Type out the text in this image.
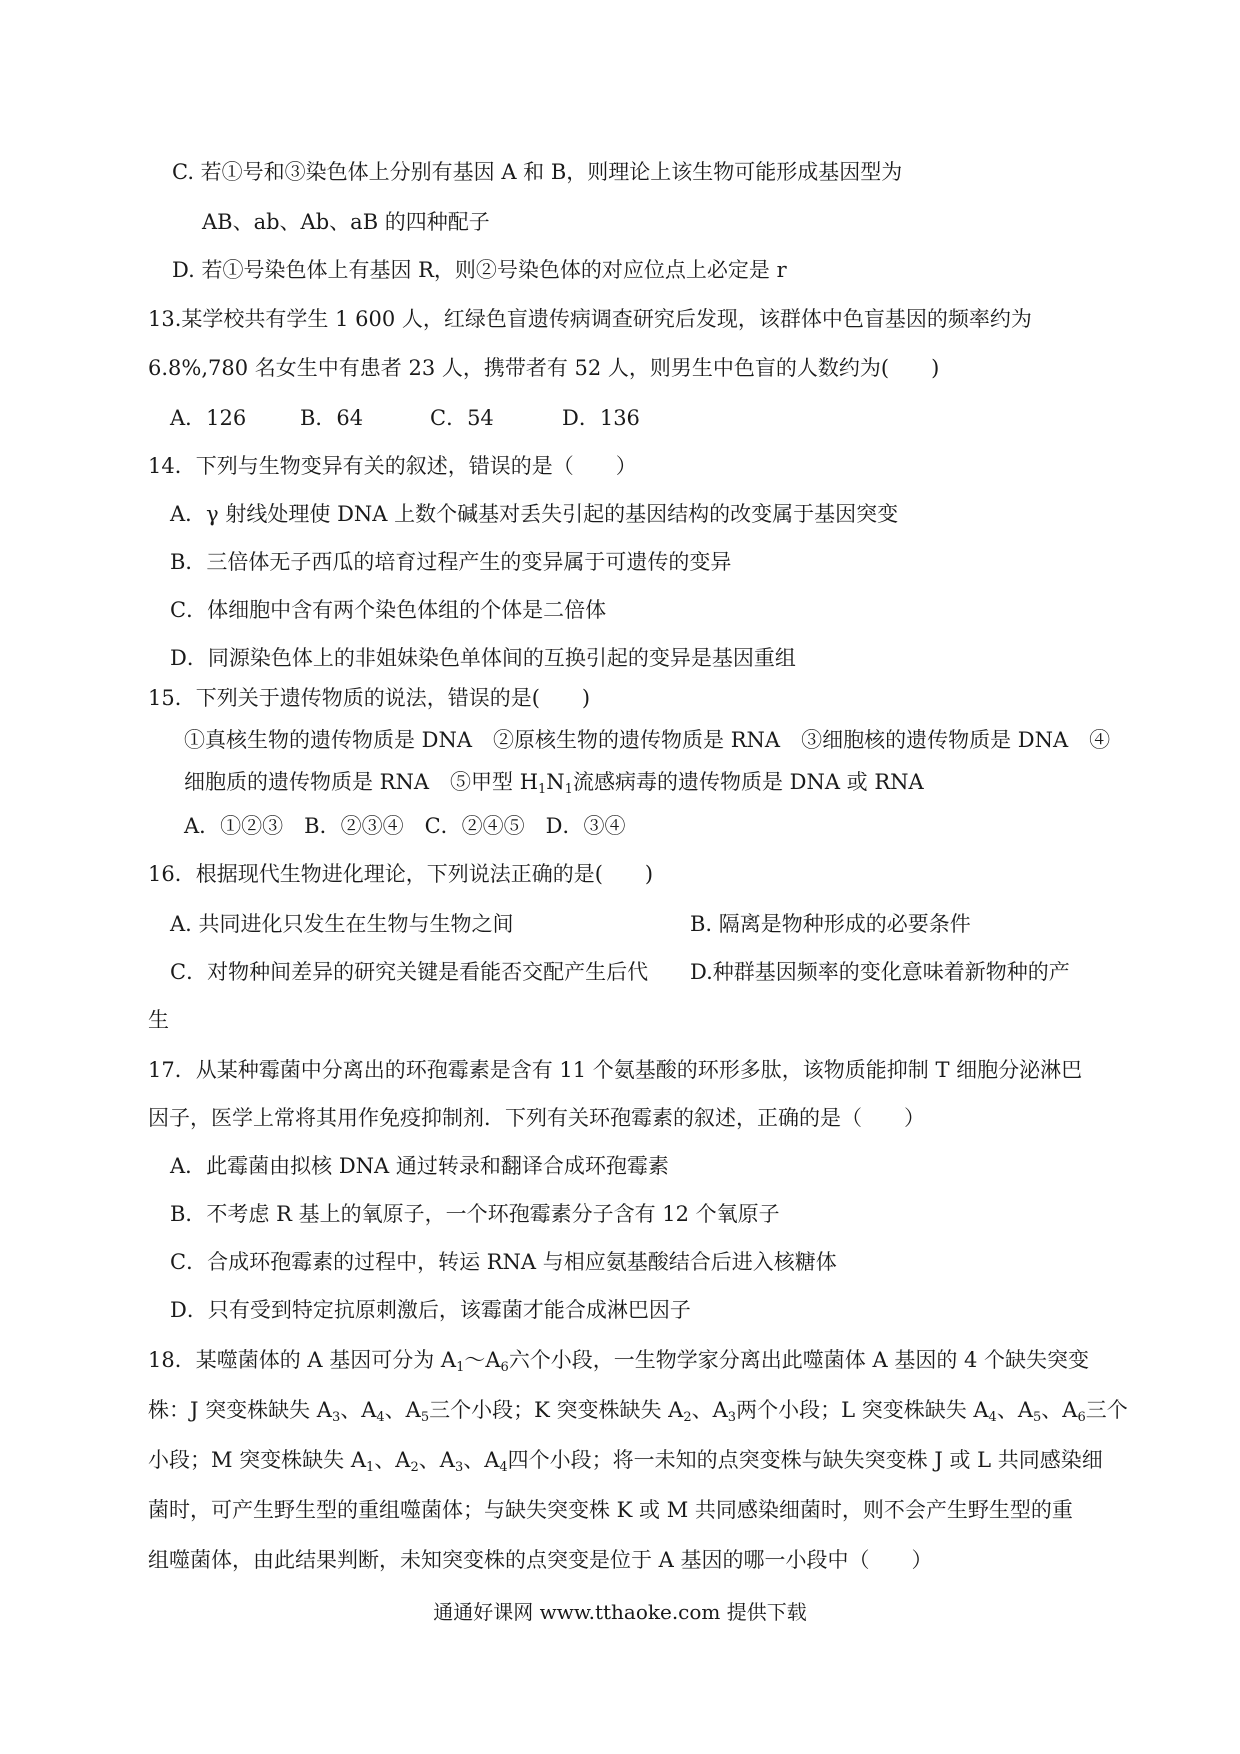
C. 若①号和③染色体上分别有基因 A 和 B，则理论上该生物可能形成基因型为
AB、ab、Ab、aB 的四种配子
D. 若①号染色体上有基因 R，则②号染色体的对应位点上必定是 r
13.某学校共有学生 1 600 人，红绿色盲遗传病调查研究后发现，该群体中色盲基因的频率约为
6.8%,780 名女生中有患者 23 人，携带者有 52 人，则男生中色盲的人数约为(　　)
A．126	B．64	C．54	D．136
14．下列与生物变异有关的叙述，错误的是（　　）
A．γ 射线处理使 DNA 上数个碱基对丢失引起的基因结构的改变属于基因突变
B．三倍体无子西瓜的培育过程产生的变异属于可遗传的变异
C．体细胞中含有两个染色体组的个体是二倍体
D．同源染色体上的非姐妹染色单体间的互换引起的变异是基因重组
15．下列关于遗传物质的说法，错误的是(　　)
①真核生物的遗传物质是 DNA　②原核生物的遗传物质是 RNA　③细胞核的遗传物质是 DNA　④
细胞质的遗传物质是 RNA　⑤甲型 $H_1N_1$流感病毒的遗传物质是 DNA 或 RNA
A．①②③　B．②③④　C．②④⑤　D．③④
16．根据现代生物进化理论，下列说法正确的是(　　)
A. 共同进化只发生在生物与生物之间	B. 隔离是物种形成的必要条件
C．对物种间差异的研究关键是看能否交配产生后代 D.种群基因频率的变化意味着新物种的产
生
17．从某种霉菌中分离出的环孢霉素是含有 11 个氨基酸的环形多肽，该物质能抑制 T 细胞分泌淋巴
因子，医学上常将其用作免疫抑制剂．下列有关环孢霉素的叙述，正确的是（　　）
A．此霉菌由拟核 DNA 通过转录和翻译合成环孢霉素
B．不考虑 R 基上的氧原子，一个环孢霉素分子含有 12 个氧原子
C．合成环孢霉素的过程中，转运 RNA 与相应氨基酸结合后进入核糖体
D．只有受到特定抗原刺激后，该霉菌才能合成淋巴因子
18．某噬菌体的 A 基因可分为 $A_1\sim A_6$六个小段，一生物学家分离出此噬菌体 A 基因的 4 个缺失突变
株：J 突变株缺失 $A_3$、$A_4$、$A_5$三个小段；K 突变株缺失 $A_2$、$A_3$两个小段；L 突变株缺失 $A_4$、$A_5$、$A_6$三个
小段；M 突变株缺失 $A_1$、$A_2$、$A_3$、$A_4$四个小段；将一未知的点突变株与缺失突变株 J 或 L 共同感染细
菌时，可产生野生型的重组噬菌体；与缺失突变株 K 或 M 共同感染细菌时，则不会产生野生型的重
组噬菌体，由此结果判断，未知突变株的点突变是位于 A 基因的哪一小段中（　　）
通通好课网 www.tthaoke.com 提供下载
